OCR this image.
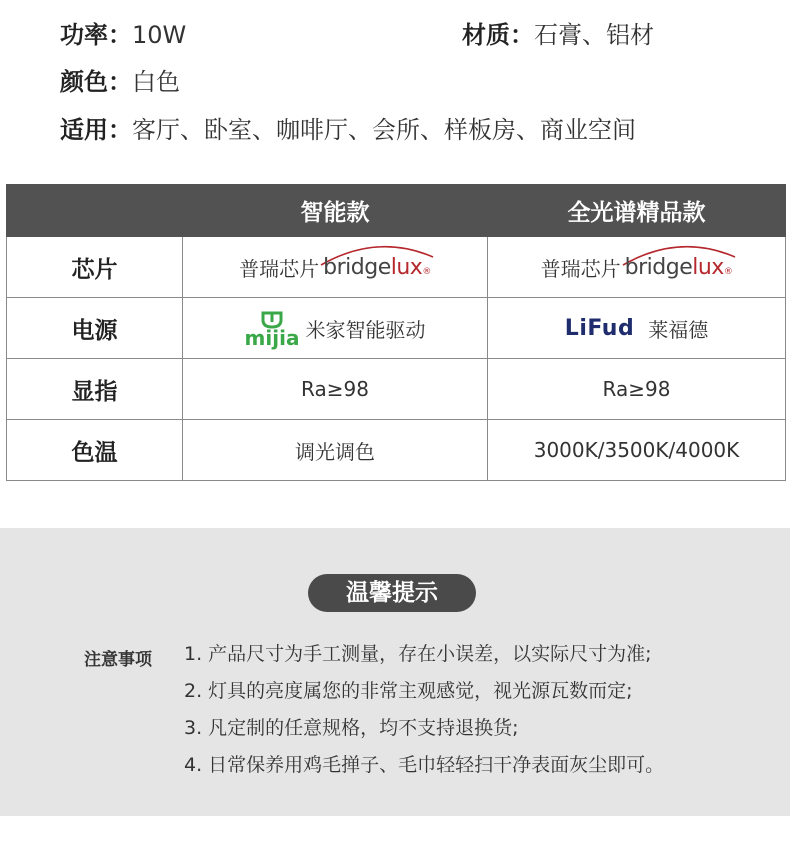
功率：10W	材质：石膏、铝材
颜色：白色
适用：客厅、卧室、咖啡厅、会所、样板房、商业空间
	智能款	全光谱精品款
芯片	普瑞芯片 bridgelux®	普瑞芯片 bridgelux®

电源	mijia 米家智能驱动	LiFud 莱福德

显指	Ra≥98	Ra≥98
色温	调光调色	3000K/3500K/4000K
温馨提示
注意事项 1. 产品尺寸为手工测量，存在小误差，以实际尺寸为准;
2. 灯具的亮度属您的非常主观感觉，视光源瓦数而定;
3. 凡定制的任意规格，均不支持退换货;
4. 日常保养用鸡毛掸子、毛巾轻轻扫干净表面灰尘即可。
